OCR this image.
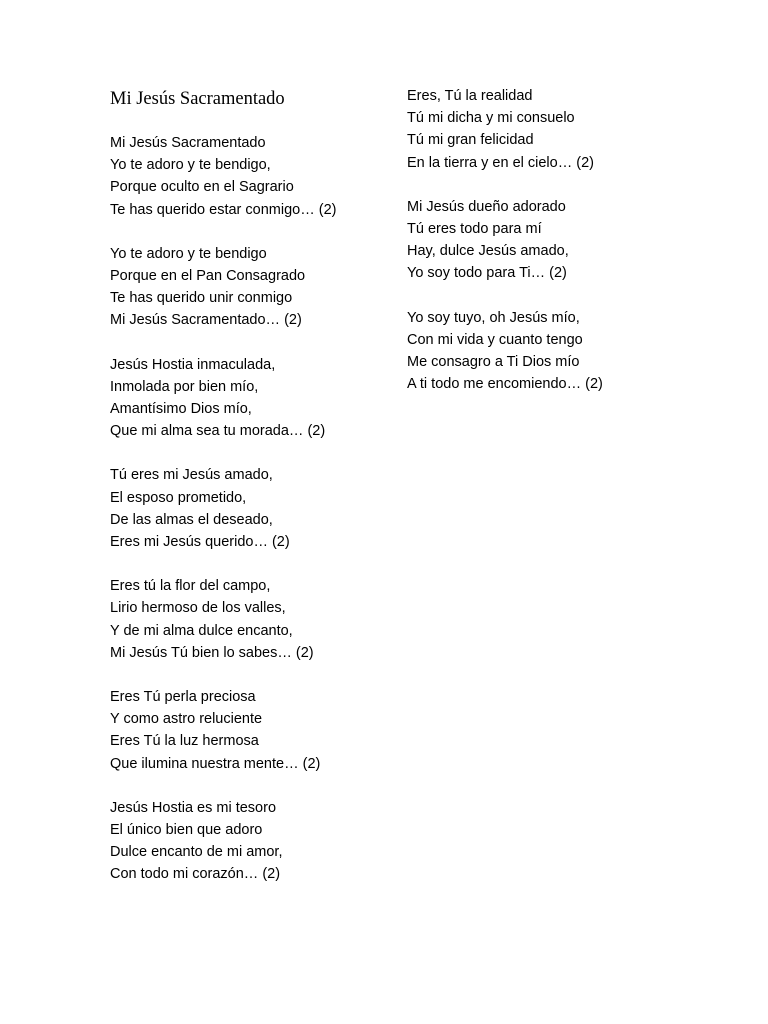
Mi Jesús Sacramentado
Mi Jesús Sacramentado
Yo te adoro y te bendigo,
Porque oculto en el Sagrario
Te has querido estar conmigo… (2)
Yo te adoro y te bendigo
Porque en el Pan Consagrado
Te has querido unir conmigo
Mi Jesús Sacramentado… (2)
Jesús Hostia inmaculada,
Inmolada por bien mío,
Amantísimo Dios mío,
Que mi alma sea tu morada… (2)
Tú eres mi Jesús amado,
El esposo prometido,
De las almas el deseado,
Eres mi Jesús querido… (2)
Eres tú la flor del campo,
Lirio hermoso de los valles,
Y de mi alma dulce encanto,
Mi Jesús Tú bien lo sabes… (2)
Eres Tú perla preciosa
Y como astro reluciente
Eres Tú la luz hermosa
Que ilumina nuestra mente… (2)
Jesús Hostia es mi tesoro
El único bien que adoro
Dulce encanto de mi amor,
Con todo mi corazón… (2)
Eres, Tú la realidad
Tú mi dicha y mi consuelo
Tú mi gran felicidad
En la tierra y en el cielo… (2)
Mi Jesús dueño adorado
Tú eres todo para mí
Hay, dulce Jesús amado,
Yo soy todo para Ti… (2)
Yo soy tuyo, oh Jesús mío,
Con mi vida y cuanto tengo
Me consagro a Ti Dios mío
A ti todo me encomiendo… (2)
